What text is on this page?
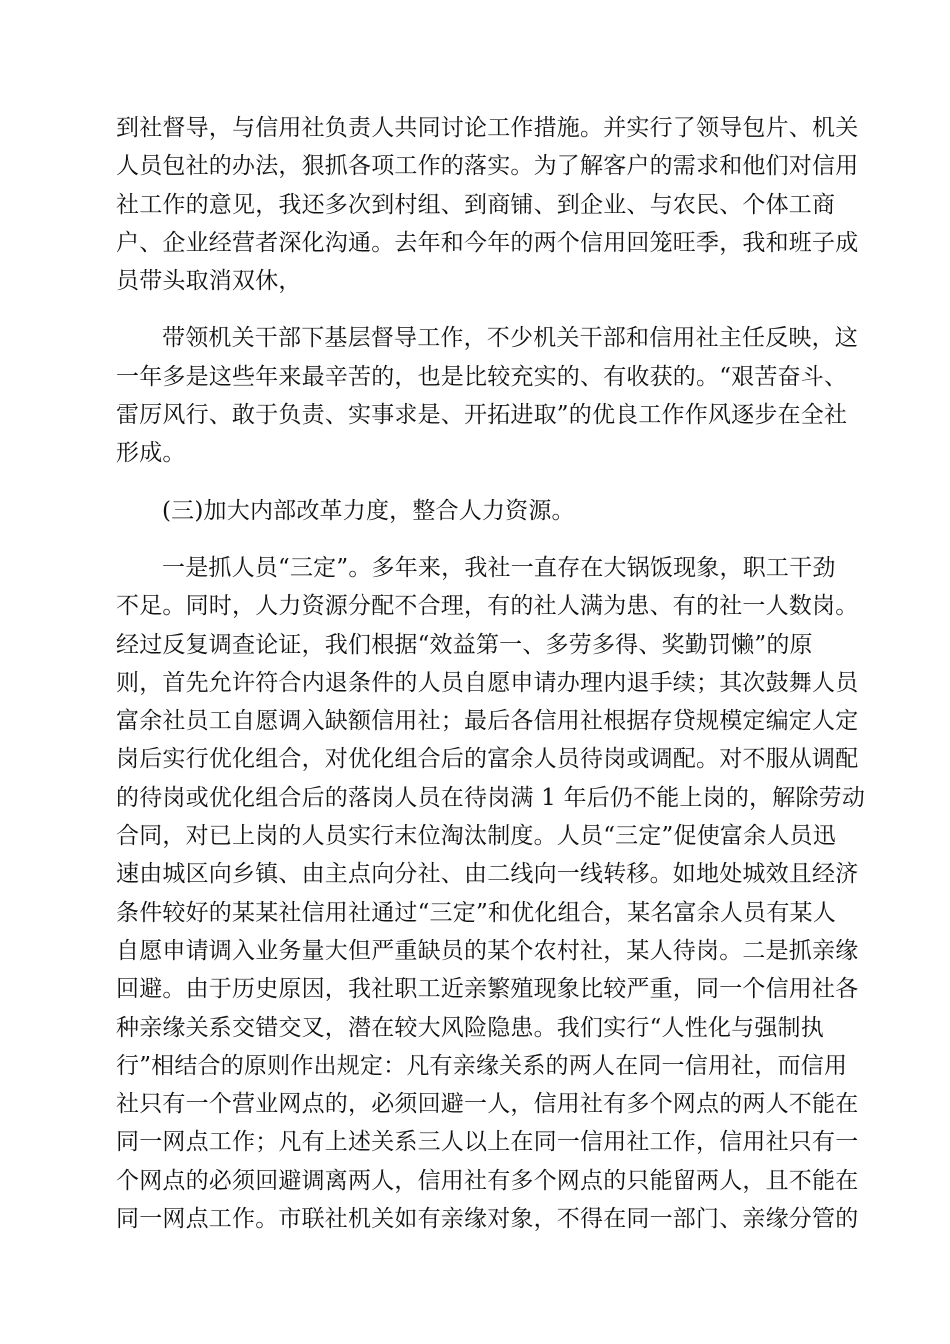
到社督导，与信用社负责人共同讨论工作措施。并实行了领导包片、机关
人员包社的办法，狠抓各项工作的落实。为了解客户的需求和他们对信用
社工作的意见，我还多次到村组、到商铺、到企业、与农民、个体工商
户、企业经营者深化沟通。去年和今年的两个信用回笼旺季，我和班子成
员带头取消双休，

带领机关干部下基层督导工作，不少机关干部和信用社主任反映，这
一年多是这些年来最辛苦的，也是比较充实的、有收获的。“艰苦奋斗、
雷厉风行、敢于负责、实事求是、开拓进取”的优良工作作风逐步在全社
形成。

(三)加大内部改革力度，整合人力资源。

一是抓人员“三定”。多年来，我社一直存在大锅饭现象，职工干劲
不足。同时，人力资源分配不合理，有的社人满为患、有的社一人数岗。
经过反复调查论证，我们根据“效益第一、多劳多得、奖勤罚懒”的原
则，首先允许符合内退条件的人员自愿申请办理内退手续；其次鼓舞人员
富余社员工自愿调入缺额信用社；最后各信用社根据存贷规模定编定人定
岗后实行优化组合，对优化组合后的富余人员待岗或调配。对不服从调配
的待岗或优化组合后的落岗人员在待岗满 1 年后仍不能上岗的，解除劳动
合同，对已上岗的人员实行末位淘汰制度。人员“三定”促使富余人员迅
速由城区向乡镇、由主点向分社、由二线向一线转移。如地处城效且经济
条件较好的某某社信用社通过“三定”和优化组合，某名富余人员有某人
自愿申请调入业务量大但严重缺员的某个农村社，某人待岗。二是抓亲缘
回避。由于历史原因，我社职工近亲繁殖现象比较严重，同一个信用社各
种亲缘关系交错交叉，潜在较大风险隐患。我们实行“人性化与强制执
行”相结合的原则作出规定：凡有亲缘关系的两人在同一信用社，而信用
社只有一个营业网点的，必须回避一人，信用社有多个网点的两人不能在
同一网点工作；凡有上述关系三人以上在同一信用社工作，信用社只有一
个网点的必须回避调离两人，信用社有多个网点的只能留两人，且不能在
同一网点工作。市联社机关如有亲缘对象，不得在同一部门、亲缘分管的
